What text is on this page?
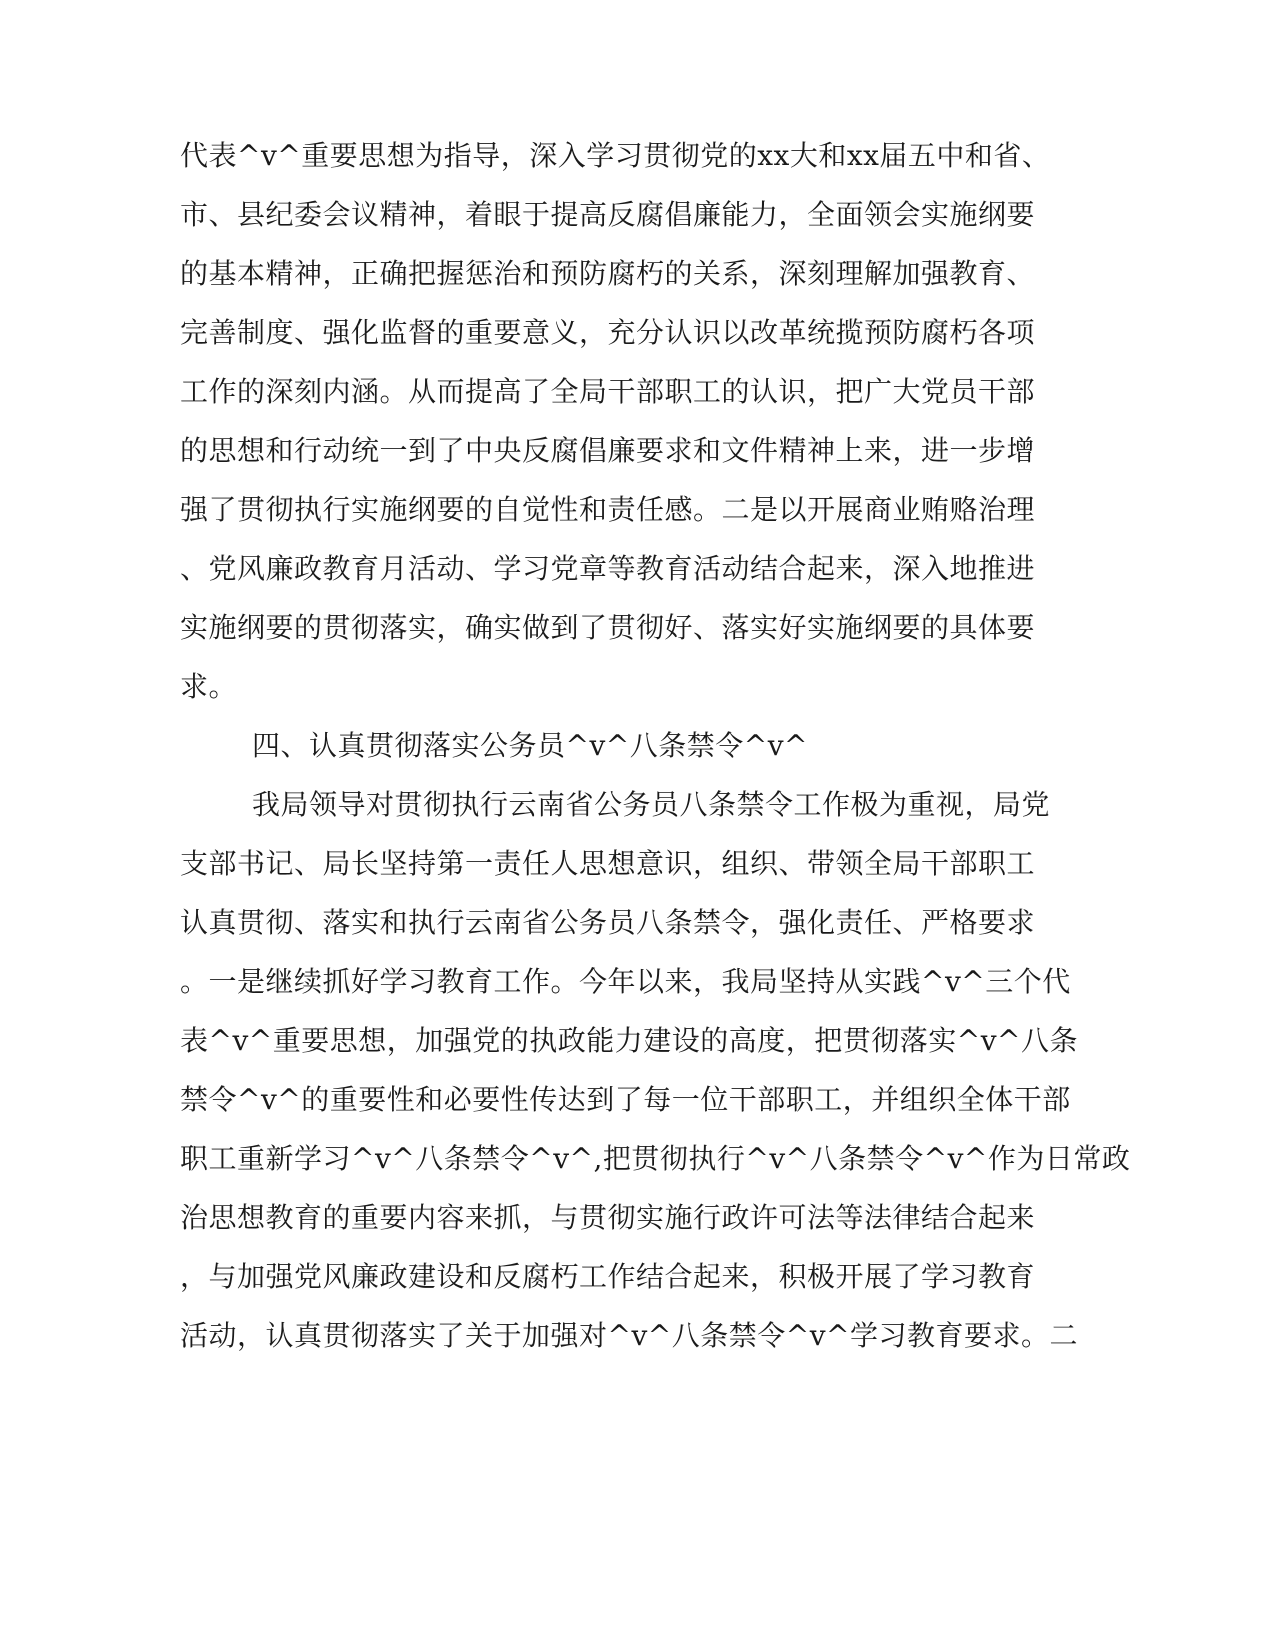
代表^v^重要思想为指导，深入学习贯彻党的xx大和xx届五中和省、
市、县纪委会议精神，着眼于提高反腐倡廉能力，全面领会实施纲要
的基本精神，正确把握惩治和预防腐朽的关系，深刻理解加强教育、
完善制度、强化监督的重要意义，充分认识以改革统揽预防腐朽各项
工作的深刻内涵。从而提高了全局干部职工的认识，把广大党员干部
的思想和行动统一到了中央反腐倡廉要求和文件精神上来，进一步增
强了贯彻执行实施纲要的自觉性和责任感。二是以开展商业贿赂治理
、党风廉政教育月活动、学习党章等教育活动结合起来，深入地推进
实施纲要的贯彻落实，确实做到了贯彻好、落实好实施纲要的具体要
求。
四、认真贯彻落实公务员^v^八条禁令^v^
我局领导对贯彻执行云南省公务员八条禁令工作极为重视，局党
支部书记、局长坚持第一责任人思想意识，组织、带领全局干部职工
认真贯彻、落实和执行云南省公务员八条禁令，强化责任、严格要求
。一是继续抓好学习教育工作。今年以来，我局坚持从实践^v^三个代
表^v^重要思想，加强党的执政能力建设的高度，把贯彻落实^v^八条
禁令^v^的重要性和必要性传达到了每一位干部职工，并组织全体干部
职工重新学习^v^八条禁令^v^,把贯彻执行^v^八条禁令^v^作为日常政
治思想教育的重要内容来抓，与贯彻实施行政许可法等法律结合起来
，与加强党风廉政建设和反腐朽工作结合起来，积极开展了学习教育
活动，认真贯彻落实了关于加强对^v^八条禁令^v^学习教育要求。二
